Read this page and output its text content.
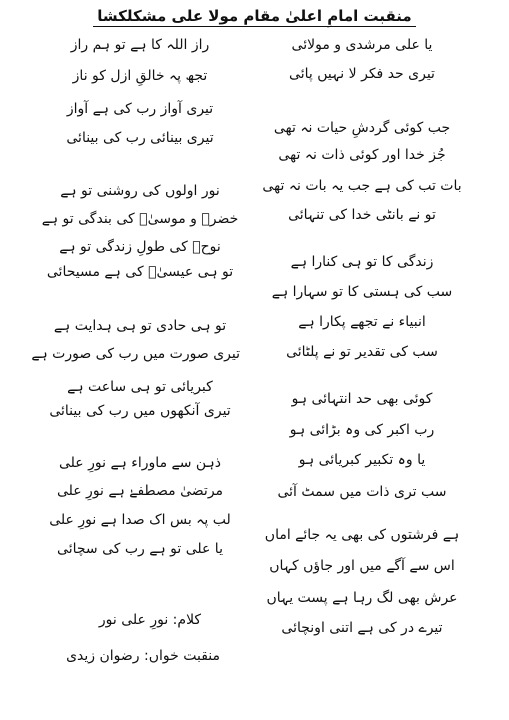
منقبت امامِ اعلیٰ مقام مولا علی مشکلکشا
یا علی مرشدی و مولائی
تیری حد فکر لا نہیں پائی
جب کوئی گردشِ حیات نہ تھی
جُز خدا اور کوئی ذات نہ تھی
بات تب کی ہے جب یہ بات نہ تھی
تو نے بانٹی خدا کی تنہائی
زندگی کا تو ہی کنارا ہے
سب کی ہستی کا تو سہارا ہے
انبیاء نے تجھے پکارا ہے
سب کی تقدیر تو نے پلٹائی
کوئی بھی حد انتہائی ہو
رب اکبر کی وہ بڑائی ہو
یا وہ تکبیر کبریائی ہو
سب تری ذات میں سمٹ آئی
ہے فرشتوں کی بھی یہ جائے اماں
اس سے آگے میں اور جاؤں کہاں
عرش بھی لگ رہا ہے پست یہاں
تیرے در کی ہے اتنی اونچائی
راز اللہ کا ہے تو ہم راز
تجھ پہ خالقِ ازل کو ناز
تیری آواز رب کی ہے آواز
تیری بینائی رب کی بینائی
نور اولوں کی روشنی تو ہے
خضرؑ و موسیٰؑ کی بندگی تو ہے
نوحؑ کی طولِ زندگی تو ہے
تو ہی عیسیٰؑ کی ہے مسیحائی
تو ہی حادی تو ہی ہدایت ہے
تیری صورت میں رب کی صورت ہے
کبریائی تو ہی ساعت ہے
تیری آنکھوں میں رب کی بینائی
ذہن سے ماوراء ہے نورِ علی
مرتضیٰ مصطفےٰ ہے نورِ علی
لب پہ بس اک صدا ہے نورِ علی
یا علی تو ہے رب کی سچائی
کلام: نورِ علی نور
منقبت خواں: رضوان زیدی
